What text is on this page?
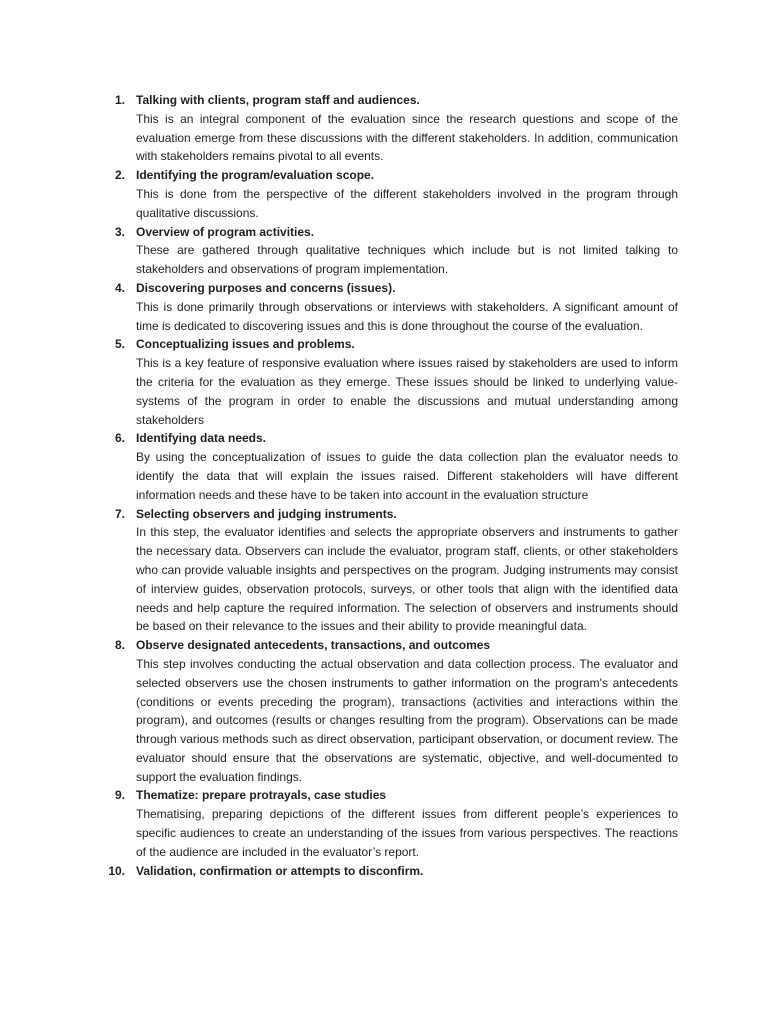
1. Talking with clients, program staff and audiences.
This is an integral component of the evaluation since the research questions and scope of the evaluation emerge from these discussions with the different stakeholders. In addition, communication with stakeholders remains pivotal to all events.
2. Identifying the program/evaluation scope.
This is done from the perspective of the different stakeholders involved in the program through qualitative discussions.
3. Overview of program activities.
These are gathered through qualitative techniques which include but is not limited talking to stakeholders and observations of program implementation.
4. Discovering purposes and concerns (issues).
This is done primarily through observations or interviews with stakeholders. A significant amount of time is dedicated to discovering issues and this is done throughout the course of the evaluation.
5. Conceptualizing issues and problems.
This is a key feature of responsive evaluation where issues raised by stakeholders are used to inform the criteria for the evaluation as they emerge. These issues should be linked to underlying value-systems of the program in order to enable the discussions and mutual understanding among stakeholders
6. Identifying data needs.
By using the conceptualization of issues to guide the data collection plan the evaluator needs to identify the data that will explain the issues raised. Different stakeholders will have different information needs and these have to be taken into account in the evaluation structure
7. Selecting observers and judging instruments.
In this step, the evaluator identifies and selects the appropriate observers and instruments to gather the necessary data. Observers can include the evaluator, program staff, clients, or other stakeholders who can provide valuable insights and perspectives on the program. Judging instruments may consist of interview guides, observation protocols, surveys, or other tools that align with the identified data needs and help capture the required information. The selection of observers and instruments should be based on their relevance to the issues and their ability to provide meaningful data.
8. Observe designated antecedents, transactions, and outcomes
This step involves conducting the actual observation and data collection process. The evaluator and selected observers use the chosen instruments to gather information on the program's antecedents (conditions or events preceding the program), transactions (activities and interactions within the program), and outcomes (results or changes resulting from the program). Observations can be made through various methods such as direct observation, participant observation, or document review. The evaluator should ensure that the observations are systematic, objective, and well-documented to support the evaluation findings.
9. Thematize: prepare protrayals, case studies
Thematising, preparing depictions of the different issues from different people’s experiences to specific audiences to create an understanding of the issues from various perspectives. The reactions of the audience are included in the evaluator’s report.
10. Validation, confirmation or attempts to disconfirm.
